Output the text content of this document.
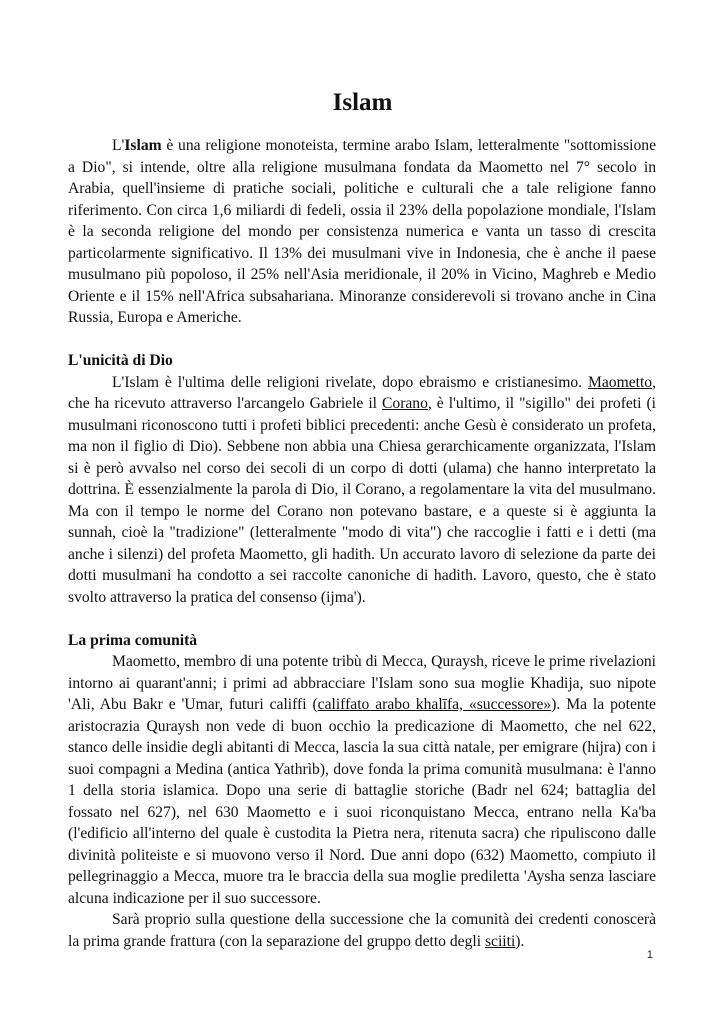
Islam

L'Islam è una religione monoteista, termine arabo Islam, letteralmente "sottomissione a Dio", si intende, oltre alla religione musulmana fondata da Maometto nel 7° secolo in Arabia, quell'insieme di pratiche sociali, politiche e culturali che a tale religione fanno riferimento. Con circa 1,6 miliardi di fedeli, ossia il 23% della popolazione mondiale, l'Islam è la seconda religione del mondo per consistenza numerica e vanta un tasso di crescita particolarmente significativo. Il 13% dei musulmani vive in Indonesia, che è anche il paese musulmano più popoloso, il 25% nell'Asia meridionale, il 20% in Vicino, Maghreb e Medio Oriente e il 15% nell'Africa subsahariana. Minoranze considerevoli si trovano anche in Cina Russia, Europa e Americhe.

L'unicità di Dio

L'Islam è l'ultima delle religioni rivelate, dopo ebraismo e cristianesimo. Maometto, che ha ricevuto attraverso l'arcangelo Gabriele il Corano, è l'ultimo, il "sigillo" dei profeti (i musulmani riconoscono tutti i profeti biblici precedenti: anche Gesù è considerato un profeta, ma non il figlio di Dio). Sebbene non abbia una Chiesa gerarchicamente organizzata, l'Islam si è però avvalso nel corso dei secoli di un corpo di dotti (ulama) che hanno interpretato la dottrina. È essenzialmente la parola di Dio, il Corano, a regolamentare la vita del musulmano. Ma con il tempo le norme del Corano non potevano bastare, e a queste si è aggiunta la sunnah, cioè la "tradizione" (letteralmente "modo di vita") che raccoglie i fatti e i detti (ma anche i silenzi) del profeta Maometto, gli hadith. Un accurato lavoro di selezione da parte dei dotti musulmani ha condotto a sei raccolte canoniche di hadith. Lavoro, questo, che è stato svolto attraverso la pratica del consenso (ijma').

La prima comunità

Maometto, membro di una potente tribù di Mecca, Quraysh, riceve le prime rivelazioni intorno ai quarant'anni; i primi ad abbracciare l'Islam sono sua moglie Khadija, suo nipote 'Ali, Abu Bakr e 'Umar, futuri califfi (califfato arabo khalīfa, «successore»). Ma la potente aristocrazia Quraysh non vede di buon occhio la predicazione di Maometto, che nel 622, stanco delle insidie degli abitanti di Mecca, lascia la sua città natale, per emigrare (hijra) con i suoi compagni a Medina (antica Yathrìb), dove fonda la prima comunità musulmana: è l'anno 1 della storia islamica. Dopo una serie di battaglie storiche (Badr nel 624; battaglia del fossato nel 627), nel 630 Maometto e i suoi riconquistano Mecca, entrano nella Ka'ba (l'edificio all'interno del quale è custodita la Pietra nera, ritenuta sacra) che ripuliscono dalle divinità politeiste e si muovono verso il Nord. Due anni dopo (632) Maometto, compiuto il pellegrinaggio a Mecca, muore tra le braccia della sua moglie prediletta 'Aysha senza lasciare alcuna indicazione per il suo successore.

Sarà proprio sulla questione della successione che la comunità dei credenti conoscerà la prima grande frattura (con la separazione del gruppo detto degli sciiti).

1
